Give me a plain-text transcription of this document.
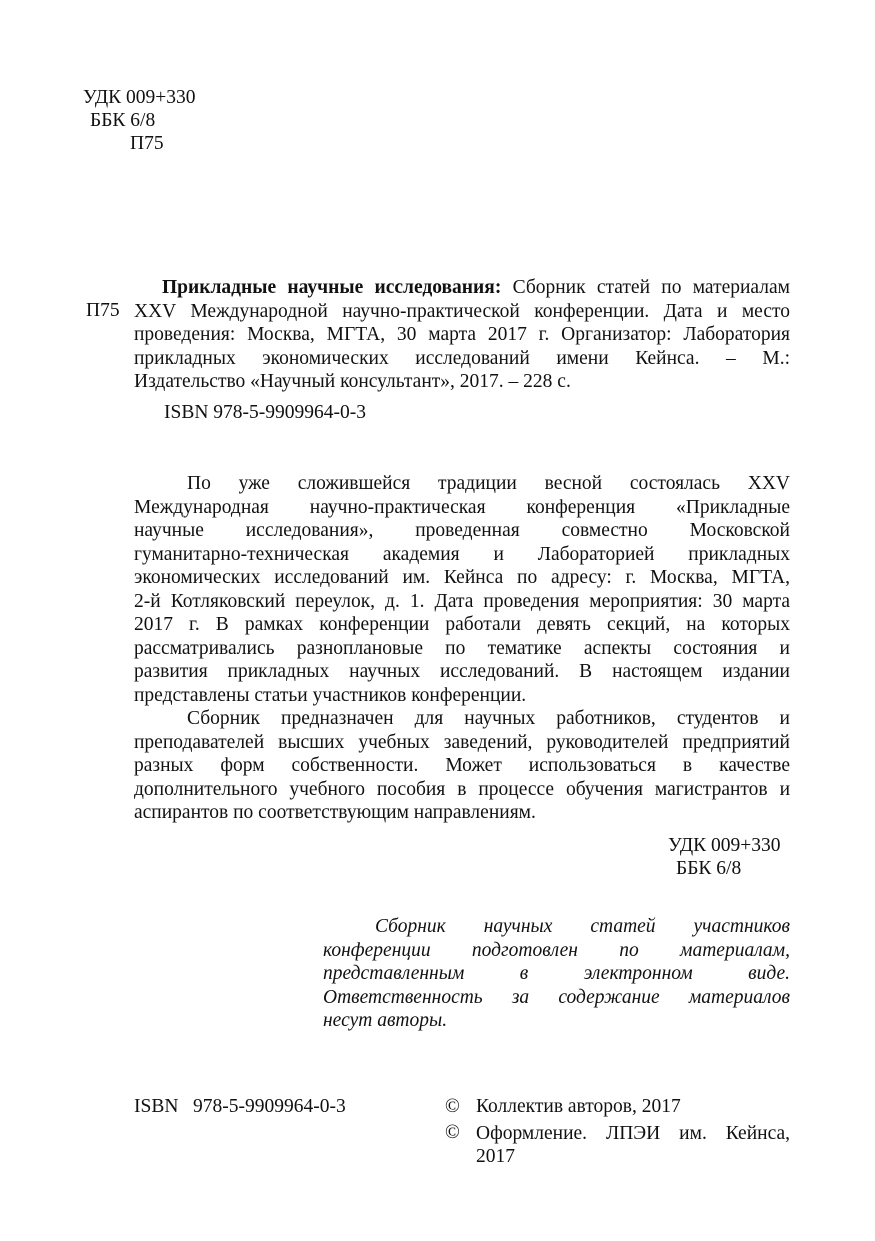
УДК 009+330
ББК 6/8
П75
П75
Прикладные научные исследования: Сборник статей по материалам
XXV Международной научно-практической конференции. Дата и место
проведения: Москва, МГТА, 30 марта 2017 г. Организатор: Лаборатория
прикладных экономических исследований имени Кейнса. – М.:
Издательство «Научный консультант», 2017. – 228 с.
ISBN 978-5-9909964-0-3
По уже сложившейся традиции весной состоялась XXV
Международная научно-практическая конференция «Прикладные
научные исследования», проведенная совместно Московской
гуманитарно-техническая академия и Лабораторией прикладных
экономических исследований им. Кейнса по адресу: г. Москва, МГТА,
2-й Котляковский переулок, д. 1. Дата проведения мероприятия: 30 марта
2017 г. В рамках конференции работали девять секций, на которых
рассматривались разноплановые по тематике аспекты состояния и
развития прикладных научных исследований. В настоящем издании
представлены статьи участников конференции.
Сборник предназначен для научных работников, студентов и
преподавателей высших учебных заведений, руководителей предприятий
разных форм собственности. Может использоваться в качестве
дополнительного учебного пособия в процессе обучения магистрантов и
аспирантов по соответствующим направлениям.
УДК 009+330
ББК 6/8
Сборник научных статей участников
конференции подготовлен по материалам,
представленным в электронном виде.
Ответственность за содержание материалов
несут авторы.
ISBN   978-5-9909964-0-3	© Коллектив авторов, 2017
© Оформление. ЛПЭИ им. Кейнса,
2017
